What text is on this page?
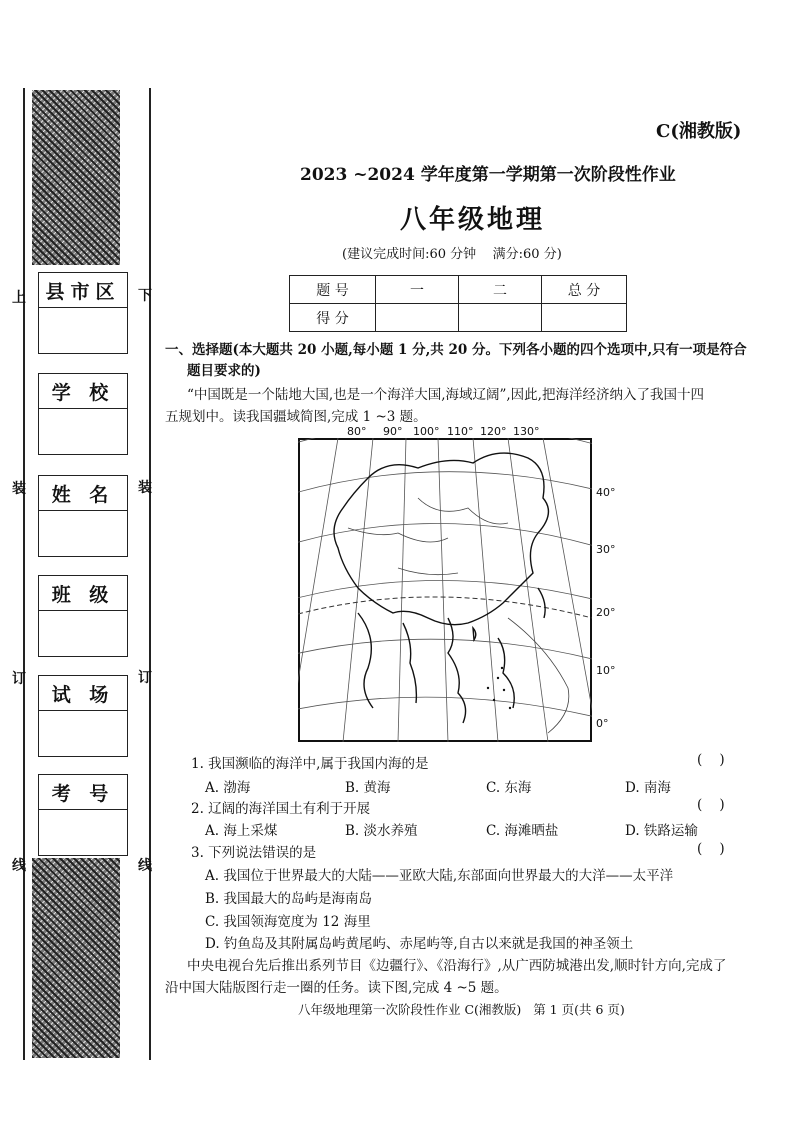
上
装
订
线
下
装
订
线
县市区
学 校
姓 名
班 级
试 场
考 号
C(湘教版)
2023 ~2024 学年度第一学期第一次阶段性作业
八年级地理
(建议完成时间:60 分钟    满分:60 分)
题 号	一	二	总 分
得 分			
一、选择题(本大题共 20 小题,每小题 1 分,共 20 分。下列各小题的四个选项中,只有一项是符合
题目要求的)
“中国既是一个陆地大国,也是一个海洋大国,海域辽阔”,因此,把海洋经济纳入了我国十四
五规划中。读我国疆域简图,完成 1 ~3 题。
80° 90° 100° 110° 120° 130°
40°
30°
20°
10°
0°
1. 我国濒临的海洋中,属于我国内海的是	(    )
A. 渤海	B. 黄海	C. 东海	D. 南海
2. 辽阔的海洋国土有利于开展	(    )
A. 海上采煤	B. 淡水养殖	C. 海滩晒盐	D. 铁路运输
3. 下列说法错误的是	(    )
A. 我国位于世界最大的大陆——亚欧大陆,东部面向世界最大的大洋——太平洋
B. 我国最大的岛屿是海南岛
C. 我国领海宽度为 12 海里
D. 钓鱼岛及其附属岛屿黄尾屿、赤尾屿等,自古以来就是我国的神圣领土
中央电视台先后推出系列节目《边疆行》、《沿海行》,从广西防城港出发,顺时针方向,完成了
沿中国大陆版图行走一圈的任务。读下图,完成 4 ~5 题。
八年级地理第一次阶段性作业 C(湘教版)   第 1 页(共 6 页)
